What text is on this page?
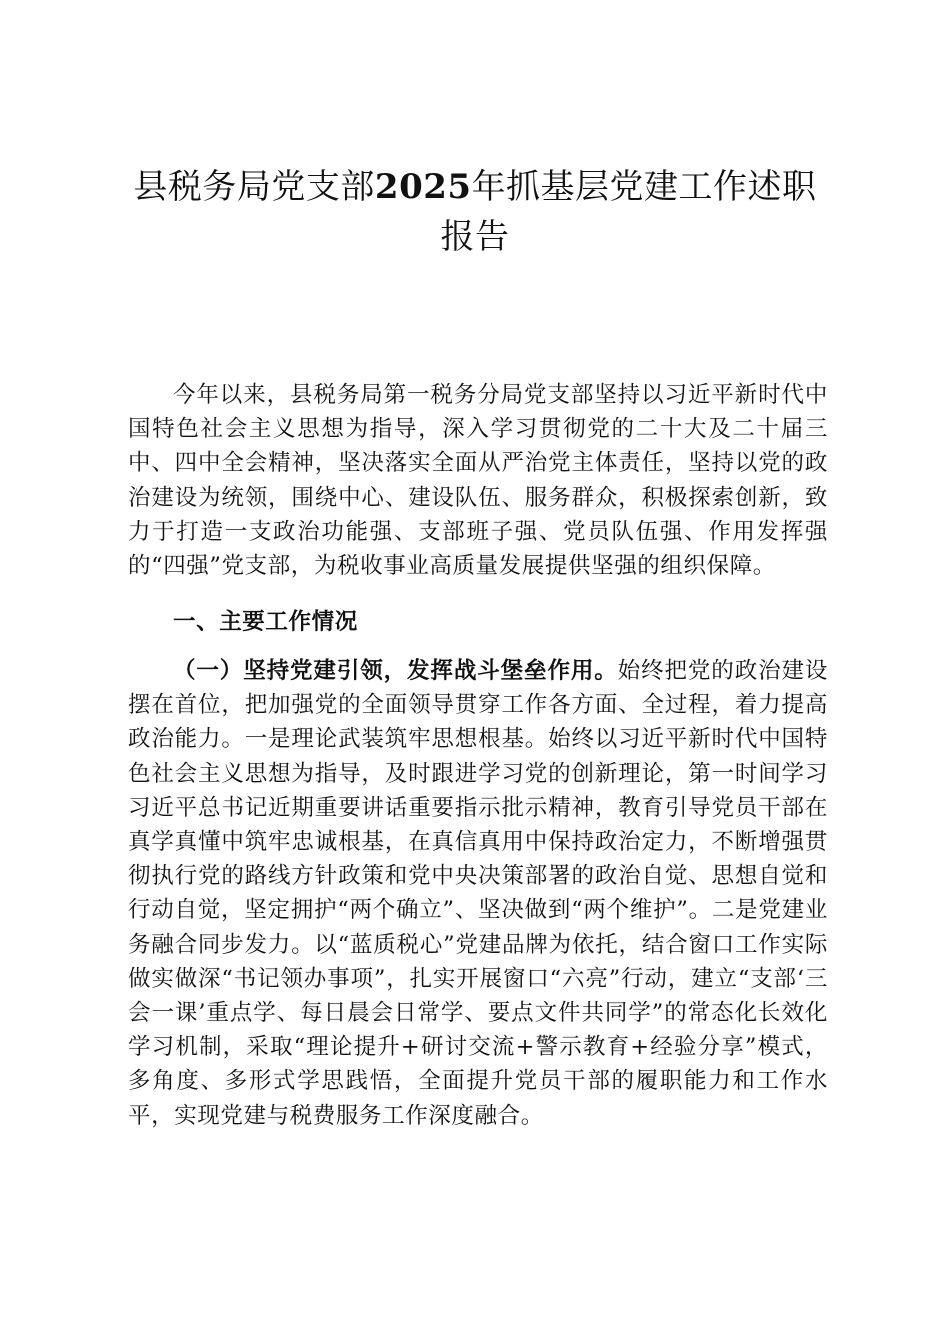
县税务局党支部2025年抓基层党建工作述职报告

今年以来，县税务局第一税务分局党支部坚持以习近平新时代中国特色社会主义思想为指导，深入学习贯彻党的二十大及二十届三中、四中全会精神，坚决落实全面从严治党主体责任，坚持以党的政治建设为统领，围绕中心、建设队伍、服务群众，积极探索创新，致力于打造一支政治功能强、支部班子强、党员队伍强、作用发挥强的“四强”党支部，为税收事业高质量发展提供坚强的组织保障。

一、主要工作情况

（一）坚持党建引领，发挥战斗堡垒作用。始终把党的政治建设摆在首位，把加强党的全面领导贯穿工作各方面、全过程，着力提高政治能力。一是理论武装筑牢思想根基。始终以习近平新时代中国特色社会主义思想为指导，及时跟进学习党的创新理论，第一时间学习习近平总书记近期重要讲话重要指示批示精神，教育引导党员干部在真学真懂中筑牢忠诚根基，在真信真用中保持政治定力，不断增强贯彻执行党的路线方针政策和党中央决策部署的政治自觉、思想自觉和行动自觉，坚定拥护“两个确立”、坚决做到“两个维护”。二是党建业务融合同步发力。以“蓝质税心”党建品牌为依托，结合窗口工作实际做实做深“书记领办事项”，扎实开展窗口“六亮”行动，建立“支部‘三会一课’重点学、每日晨会日常学、要点文件共同学”的常态化长效化学习机制，采取“理论提升+研讨交流+警示教育+经验分享”模式，多角度、多形式学思践悟，全面提升党员干部的履职能力和工作水平，实现党建与税费服务工作深度融合。
